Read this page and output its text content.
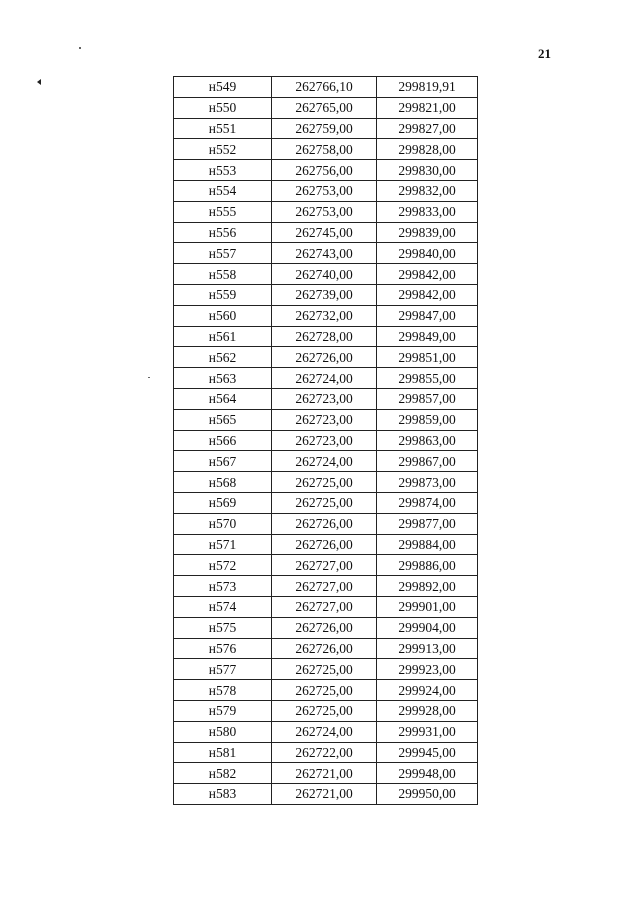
21
н549	262766,10	299819,91
н550	262765,00	299821,00
н551	262759,00	299827,00
н552	262758,00	299828,00
н553	262756,00	299830,00
н554	262753,00	299832,00
н555	262753,00	299833,00
н556	262745,00	299839,00
н557	262743,00	299840,00
н558	262740,00	299842,00
н559	262739,00	299842,00
н560	262732,00	299847,00
н561	262728,00	299849,00
н562	262726,00	299851,00
н563	262724,00	299855,00
н564	262723,00	299857,00
н565	262723,00	299859,00
н566	262723,00	299863,00
н567	262724,00	299867,00
н568	262725,00	299873,00
н569	262725,00	299874,00
н570	262726,00	299877,00
н571	262726,00	299884,00
н572	262727,00	299886,00
н573	262727,00	299892,00
н574	262727,00	299901,00
н575	262726,00	299904,00
н576	262726,00	299913,00
н577	262725,00	299923,00
н578	262725,00	299924,00
н579	262725,00	299928,00
н580	262724,00	299931,00
н581	262722,00	299945,00
н582	262721,00	299948,00
н583	262721,00	299950,00
